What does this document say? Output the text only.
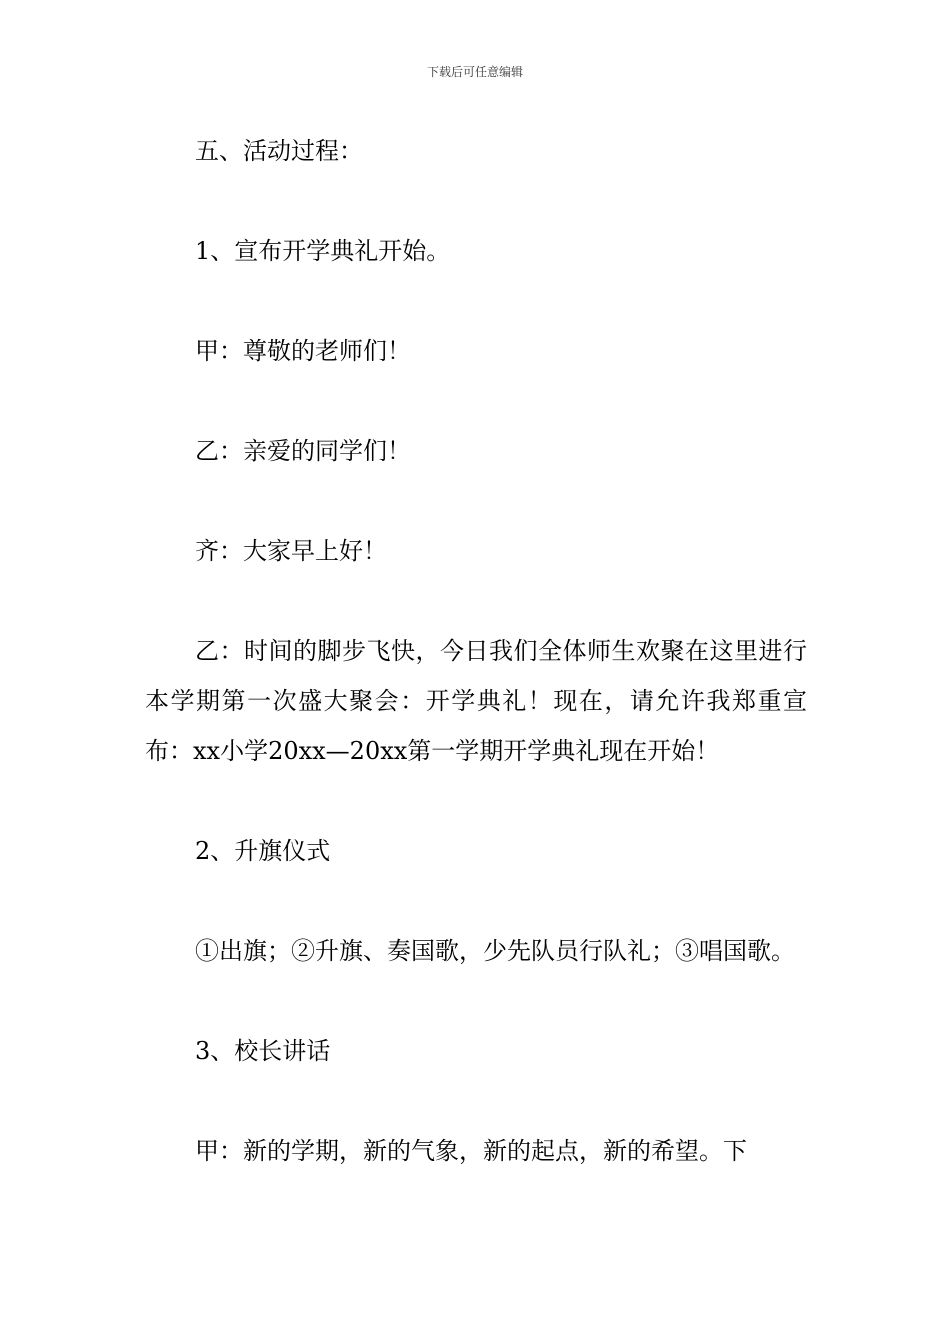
下载后可任意编辑

五、活动过程：

1、宣布开学典礼开始。

甲：尊敬的老师们！

乙：亲爱的同学们！

齐：大家早上好！

乙：时间的脚步飞快，今日我们全体师生欢聚在这里进行本学期第一次盛大聚会：开学典礼！现在，请允许我郑重宣布：xx小学20xx—20xx第一学期开学典礼现在开始！

2、升旗仪式

①出旗；②升旗、奏国歌，少先队员行队礼；③唱国歌。

3、校长讲话

甲：新的学期，新的气象，新的起点，新的希望。下
